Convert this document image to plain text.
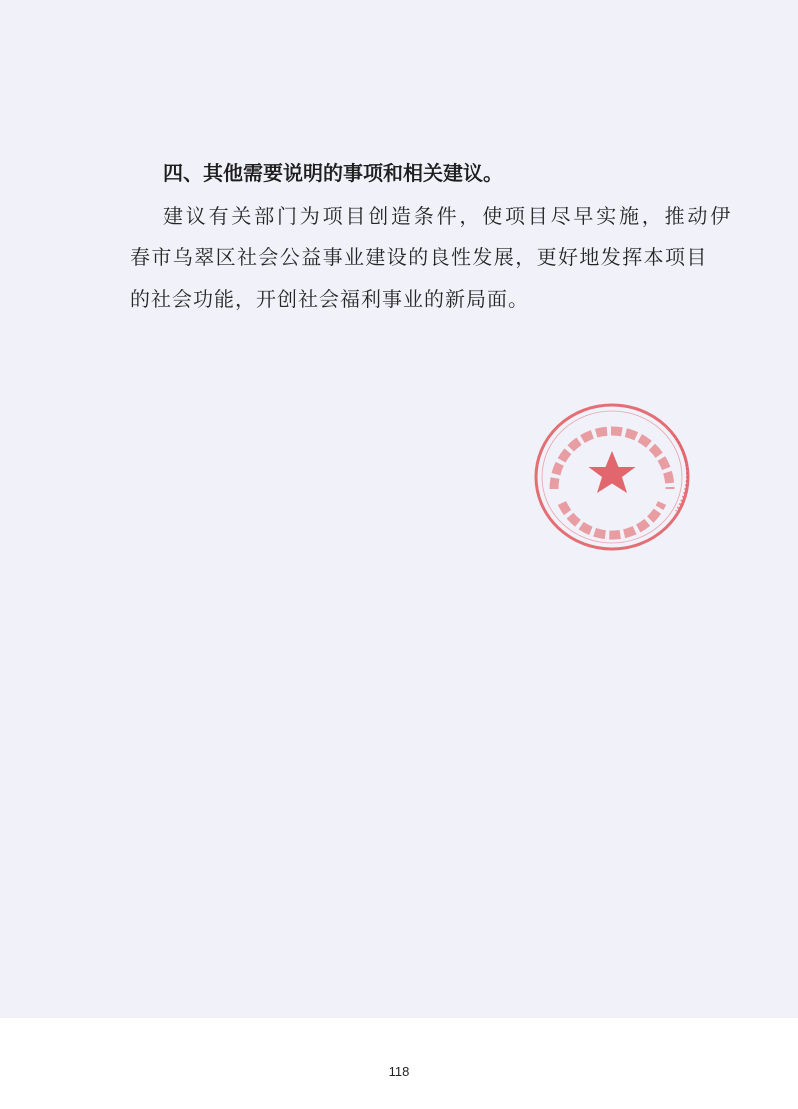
四、其他需要说明的事项和相关建议。

建议有关部门为项目创造条件，使项目尽早实施，推动伊

春市乌翠区社会公益事业建设的良性发展，更好地发挥本项目

的社会功能，开创社会福利事业的新局面。

118
